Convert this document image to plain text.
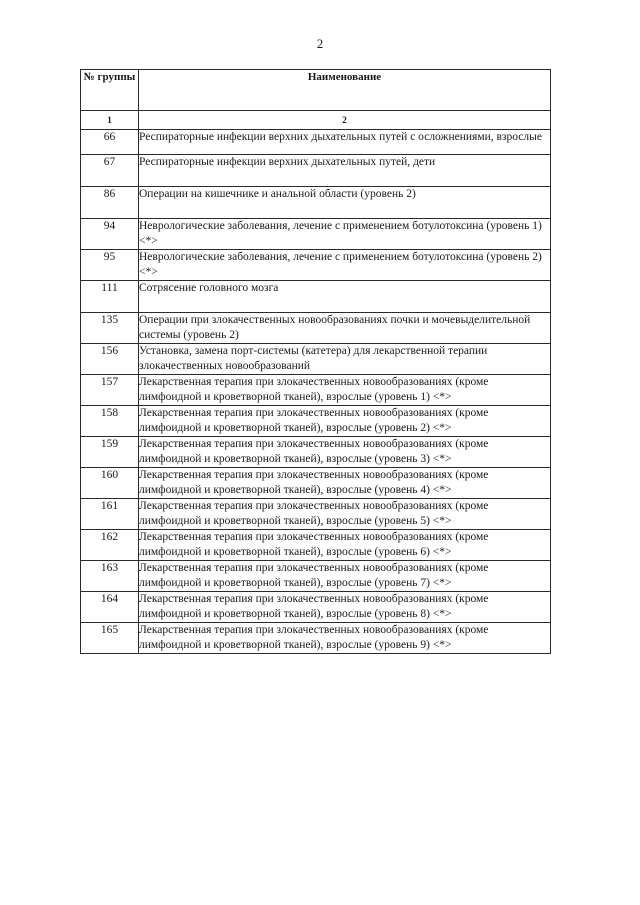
2
№ группы	Наименование
1	2
66	Респираторные инфекции верхних дыхательных путей с осложнениями, взрослые
67	Респираторные инфекции верхних дыхательных путей, дети
86	Операции на кишечнике и анальной области (уровень 2)
94	Неврологические заболевания, лечение с применением ботулотоксина (уровень 1) <*>
95	Неврологические заболевания, лечение с применением ботулотоксина (уровень 2) <*>
111	Сотрясение головного мозга
135	Операции при злокачественных новообразованиях почки и мочевыделительной системы (уровень 2)
156	Установка, замена порт-системы (катетера) для лекарственной терапии злокачественных новообразований
157	Лекарственная терапия при злокачественных новообразованиях (кроме лимфоидной и кроветворной тканей), взрослые (уровень 1) <*>
158	Лекарственная терапия при злокачественных новообразованиях (кроме лимфоидной и кроветворной тканей), взрослые (уровень 2) <*>
159	Лекарственная терапия при злокачественных новообразованиях (кроме лимфоидной и кроветворной тканей), взрослые (уровень 3) <*>
160	Лекарственная терапия при злокачественных новообразованиях (кроме лимфоидной и кроветворной тканей), взрослые (уровень 4) <*>
161	Лекарственная терапия при злокачественных новообразованиях (кроме лимфоидной и кроветворной тканей), взрослые (уровень 5) <*>
162	Лекарственная терапия при злокачественных новообразованиях (кроме лимфоидной и кроветворной тканей), взрослые (уровень 6) <*>
163	Лекарственная терапия при злокачественных новообразованиях (кроме лимфоидной и кроветворной тканей), взрослые (уровень 7) <*>
164	Лекарственная терапия при злокачественных новообразованиях (кроме лимфоидной и кроветворной тканей), взрослые (уровень 8) <*>
165	Лекарственная терапия при злокачественных новообразованиях (кроме лимфоидной и кроветворной тканей), взрослые (уровень 9) <*>
